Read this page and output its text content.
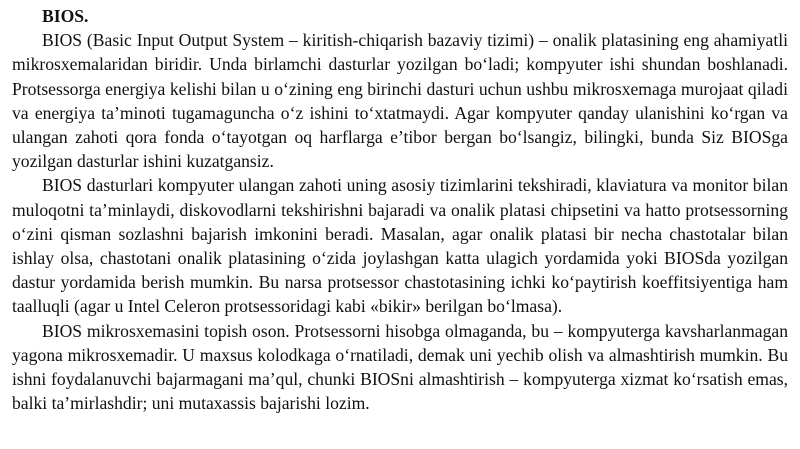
BIOS.

BIOS (Basic Input Output System – kiritish-chiqarish bazaviy tizimi) – onalik platasining eng ahamiyatli mikrosxemalaridan biridir. Unda birlamchi dasturlar yozilgan bo‘ladi; kompyuter ishi shundan boshlanadi. Protsessorga energiya kelishi bilan u o‘zining eng birinchi dasturi uchun ushbu mikrosxemaga murojaat qiladi va energiya ta’minoti tugamaguncha o‘z ishini to‘xtatmaydi. Agar kompyuter qanday ulanishini ko‘rgan va ulangan zahoti qora fonda o‘tayotgan oq harflarga e’tibor bergan bo‘lsangiz, bilingki, bunda Siz BIOSga yozilgan dasturlar ishini kuzatgansiz.

BIOS dasturlari kompyuter ulangan zahoti uning asosiy tizimlarini tekshiradi, klaviatura va monitor bilan muloqotni ta’minlaydi, diskovodlarni tekshirishni bajaradi va onalik platasi chipsetini va hatto protsessorning o‘zini qisman sozlashni bajarish imkonini beradi. Masalan, agar onalik platasi bir necha chastotalar bilan ishlay olsa, chastotani onalik platasining o‘zida joylashgan katta ulagich yordamida yoki BIOSda yozilgan dastur yordamida berish mumkin. Bu narsa protsessor chastotasining ichki ko‘paytirish koeffitsiyentiga ham taalluqli (agar u Intel Celeron protsessoridagi kabi «bikir» berilgan bo‘lmasa).

BIOS mikrosxemasini topish oson. Protsessorni hisobga olmaganda, bu – kompyuterga kavsharlanmagan yagona mikrosxemadir. U maxsus kolodkaga o‘rnatiladi, demak uni yechib olish va almashtirish mumkin. Bu ishni foydalanuvchi bajarmagani ma’qul, chunki BIOSni almashtirish – kompyuterga xizmat ko‘rsatish emas, balki ta’mirlashdir; uni mutaxassis bajarishi lozim.
